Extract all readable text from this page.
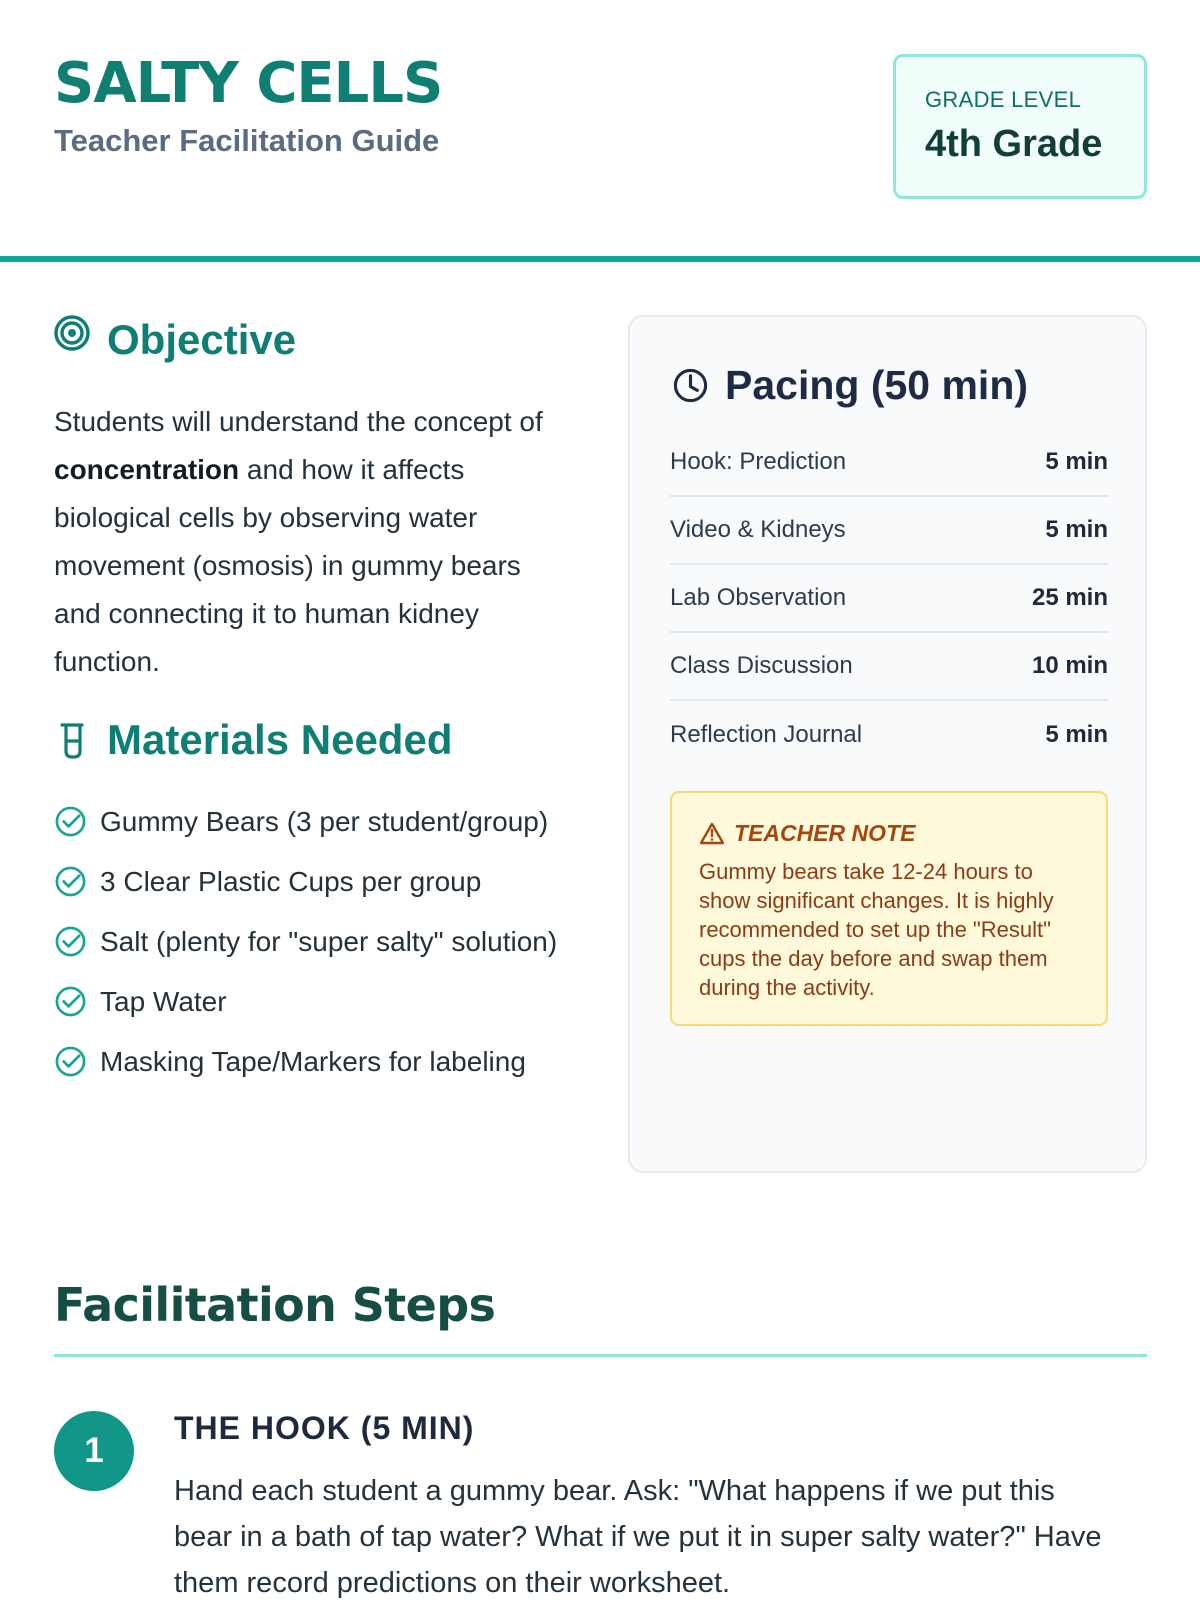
SALTY CELLS
Teacher Facilitation Guide
GRADE LEVEL
4th Grade
Objective

Students will understand the concept of concentration and how it affects biological cells by observing water movement (osmosis) in gummy bears and connecting it to human kidney function.

Materials Needed
Gummy Bears (3 per student/group)
3 Clear Plastic Cups per group
Salt (plenty for "super salty" solution)
Tap Water
Masking Tape/Markers for labeling
Pacing (50 min)
Hook: Prediction	5 min
Video & Kidneys	5 min
Lab Observation	25 min
Class Discussion	10 min
Reflection Journal	5 min
TEACHER NOTE
Gummy bears take 12-24 hours to show significant changes. It is highly recommended to set up the "Result" cups the day before and swap them during the activity.
Facilitation Steps
1
THE HOOK (5 MIN)

Hand each student a gummy bear. Ask: "What happens if we put this bear in a bath of tap water? What if we put it in super salty water?" Have them record predictions on their worksheet.
